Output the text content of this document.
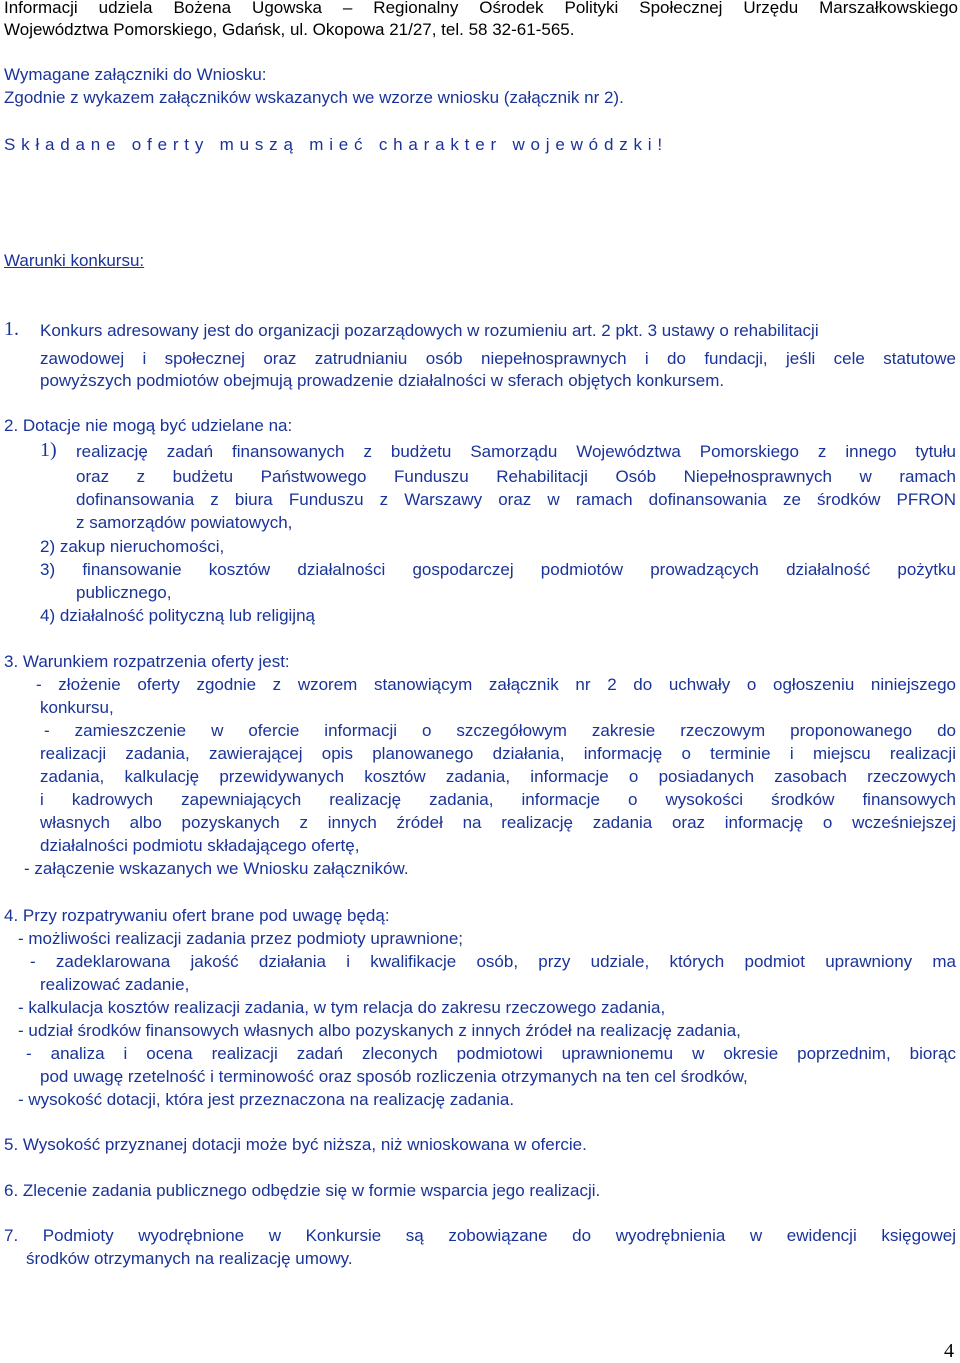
Informacji udziela Bożena Ugowska – Regionalny Ośrodek Polityki Społecznej Urzędu Marszałkowskiego
Województwa Pomorskiego, Gdańsk, ul. Okopowa 21/27, tel. 58 32-61-565.
Wymagane załączniki do Wniosku:
Zgodnie z wykazem załączników wskazanych we wzorze wniosku (załącznik nr 2).
Składane oferty muszą mieć charakter wojewódzki!
Warunki konkursu:
1. Konkurs adresowany jest do organizacji pozarządowych w rozumieniu art. 2 pkt. 3 ustawy o rehabilitacji
zawodowej i społecznej oraz zatrudnianiu osób niepełnosprawnych i do fundacji, jeśli cele statutowe
powyższych podmiotów obejmują prowadzenie działalności w sferach objętych konkursem.
2. Dotacje nie mogą być udzielane na:
1) realizację zadań finansowanych z budżetu Samorządu Województwa Pomorskiego z innego tytułu
oraz z budżetu Państwowego Funduszu Rehabilitacji Osób Niepełnosprawnych w ramach
dofinansowania z biura Funduszu z Warszawy oraz w ramach dofinansowania ze środków PFRON
z samorządów powiatowych,
2) zakup nieruchomości,
3) finansowanie kosztów działalności gospodarczej podmiotów prowadzących działalność pożytku
publicznego,
4) działalność polityczną lub religijną
3. Warunkiem rozpatrzenia oferty jest:
- złożenie oferty zgodnie z wzorem stanowiącym załącznik nr 2 do uchwały o ogłoszeniu niniejszego
konkursu,
- zamieszczenie w ofercie informacji o szczegółowym zakresie rzeczowym proponowanego do
realizacji zadania, zawierającej opis planowanego działania, informację o terminie i miejscu realizacji
zadania, kalkulację przewidywanych kosztów zadania, informacje o posiadanych zasobach rzeczowych
i kadrowych zapewniających realizację zadania, informacje o wysokości środków finansowych
własnych albo pozyskanych z innych źródeł na realizację zadania oraz informację o wcześniejszej
działalności podmiotu składającego ofertę,
- załączenie wskazanych we Wniosku załączników.
4. Przy rozpatrywaniu ofert brane pod uwagę będą:
- możliwości realizacji zadania przez podmioty uprawnione;
- zadeklarowana jakość działania i kwalifikacje osób, przy udziale, których podmiot uprawniony ma
realizować zadanie,
- kalkulacja kosztów realizacji zadania, w tym relacja do zakresu rzeczowego zadania,
- udział środków finansowych własnych albo pozyskanych z innych źródeł na realizację zadania,
- analiza i ocena realizacji zadań zleconych podmiotowi uprawnionemu w okresie poprzednim, biorąc
pod uwagę rzetelność i terminowość oraz sposób rozliczenia otrzymanych na ten cel środków,
- wysokość dotacji, która jest przeznaczona na realizację zadania.
5. Wysokość przyznanej dotacji może być niższa, niż wnioskowana w ofercie.
6. Zlecenie zadania publicznego odbędzie się w formie wsparcia jego realizacji.
7. Podmioty wyodrębnione w Konkursie są zobowiązane do wyodrębnienia w ewidencji księgowej
środków otrzymanych na realizację umowy.
4
